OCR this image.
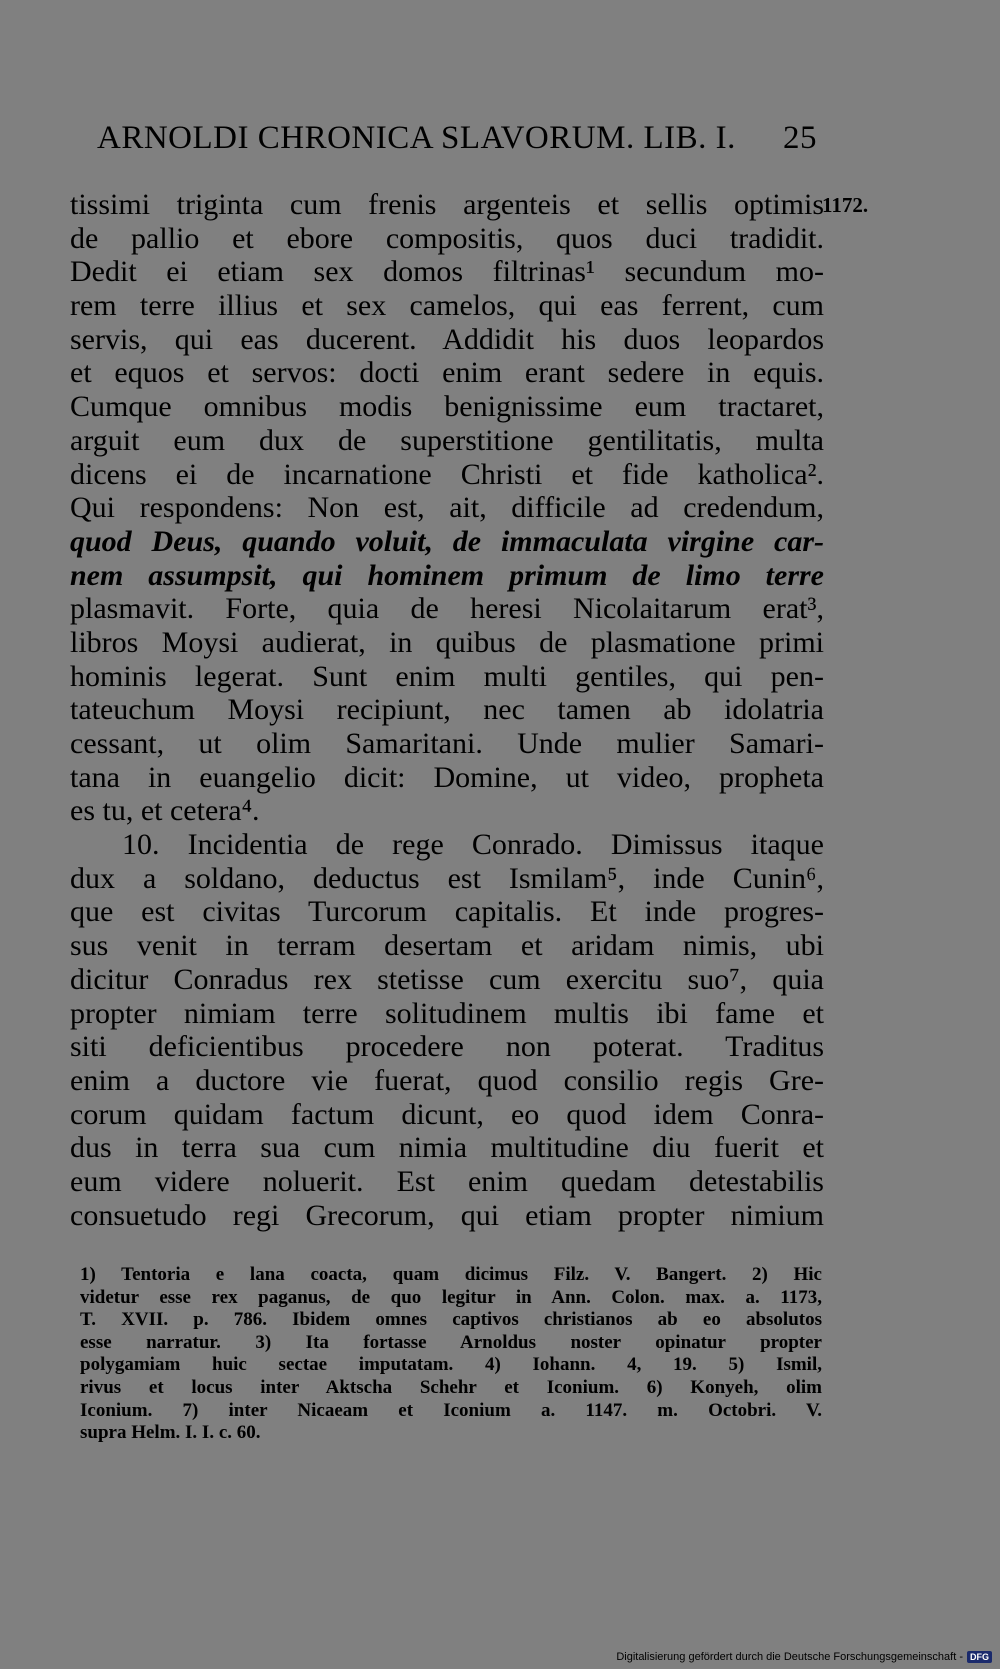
ARNOLDI CHRONICA SLAVORUM. LIB. I. 25
1172.
tissimi triginta cum frenis argenteis et sellis optimis
de pallio et ebore compositis, quos duci tradidit.
Dedit ei etiam sex domos filtrinas¹ secundum mo-
rem terre illius et sex camelos, qui eas ferrent, cum
servis, qui eas ducerent. Addidit his duos leopardos
et equos et servos: docti enim erant sedere in equis.
Cumque omnibus modis benignissime eum tractaret,
arguit eum dux de superstitione gentilitatis, multa
dicens ei de incarnatione Christi et fide katholica².
Qui respondens: Non est, ait, difficile ad credendum,
quod Deus, quando voluit, de immaculata virgine car-
nem assumpsit, qui hominem primum de limo terre
plasmavit. Forte, quia de heresi Nicolaitarum erat³,
libros Moysi audierat, in quibus de plasmatione primi
hominis legerat. Sunt enim multi gentiles, qui pen-
tateuchum Moysi recipiunt, nec tamen ab idolatria
cessant, ut olim Samaritani. Unde mulier Samari-
tana in euangelio dicit: Domine, ut video, propheta
es tu, et cetera⁴.
10. Incidentia de rege Conrado. Dimissus itaque
dux a soldano, deductus est Ismilam⁵, inde Cunin⁶,
que est civitas Turcorum capitalis. Et inde progres-
sus venit in terram desertam et aridam nimis, ubi
dicitur Conradus rex stetisse cum exercitu suo⁷, quia
propter nimiam terre solitudinem multis ibi fame et
siti deficientibus procedere non poterat. Traditus
enim a ductore vie fuerat, quod consilio regis Gre-
corum quidam factum dicunt, eo quod idem Conra-
dus in terra sua cum nimia multitudine diu fuerit et
eum videre noluerit. Est enim quedam detestabilis
consuetudo regi Grecorum, qui etiam propter nimium
1) Tentoria e lana coacta, quam dicimus Filz. V. Bangert. 2) Hic
videtur esse rex paganus, de quo legitur in Ann. Colon. max. a. 1173,
T. XVII. p. 786. Ibidem omnes captivos christianos ab eo absolutos
esse narratur. 3) Ita fortasse Arnoldus noster opinatur propter
polygamiam huic sectae imputatam. 4) Iohann. 4, 19. 5) Ismil,
rivus et locus inter Aktscha Schehr et Iconium. 6) Konyeh, olim
Iconium. 7) inter Nicaeam et Iconium a. 1147. m. Octobri. V.
supra Helm. I. I. c. 60.
Digitalisierung gefördert durch die Deutsche Forschungsgemeinschaft - DFG
